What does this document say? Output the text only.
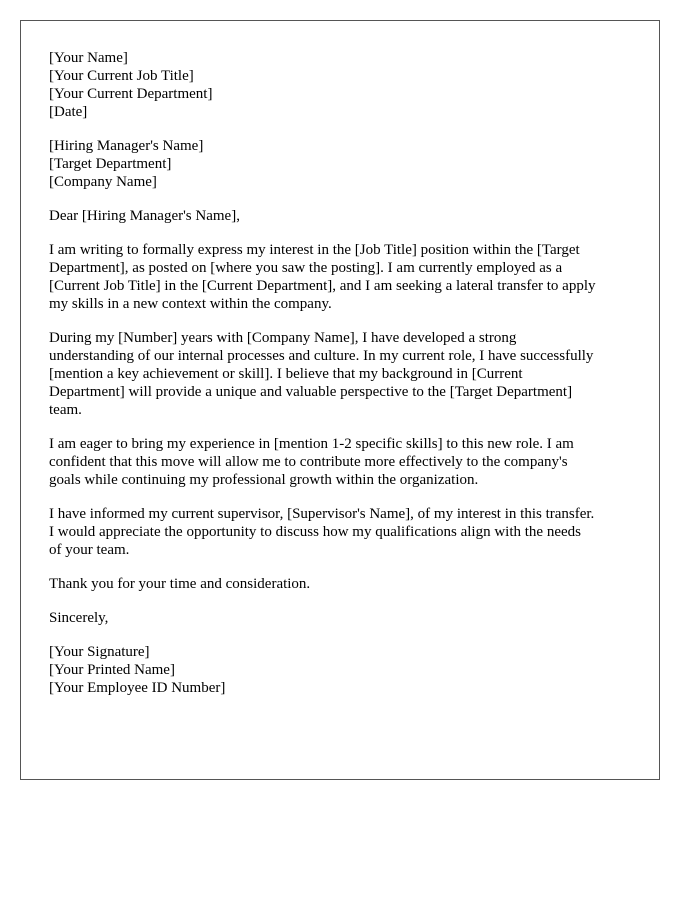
[Your Name]
[Your Current Job Title]
[Your Current Department]
[Date]
[Hiring Manager's Name]
[Target Department]
[Company Name]
Dear [Hiring Manager's Name],
I am writing to formally express my interest in the [Job Title] position within the [Target
Department], as posted on [where you saw the posting]. I am currently employed as a
[Current Job Title] in the [Current Department], and I am seeking a lateral transfer to apply
my skills in a new context within the company.
During my [Number] years with [Company Name], I have developed a strong
understanding of our internal processes and culture. In my current role, I have successfully
[mention a key achievement or skill]. I believe that my background in [Current
Department] will provide a unique and valuable perspective to the [Target Department]
team.
I am eager to bring my experience in [mention 1-2 specific skills] to this new role. I am
confident that this move will allow me to contribute more effectively to the company's
goals while continuing my professional growth within the organization.
I have informed my current supervisor, [Supervisor's Name], of my interest in this transfer.
I would appreciate the opportunity to discuss how my qualifications align with the needs
of your team.
Thank you for your time and consideration.
Sincerely,
[Your Signature]
[Your Printed Name]
[Your Employee ID Number]
